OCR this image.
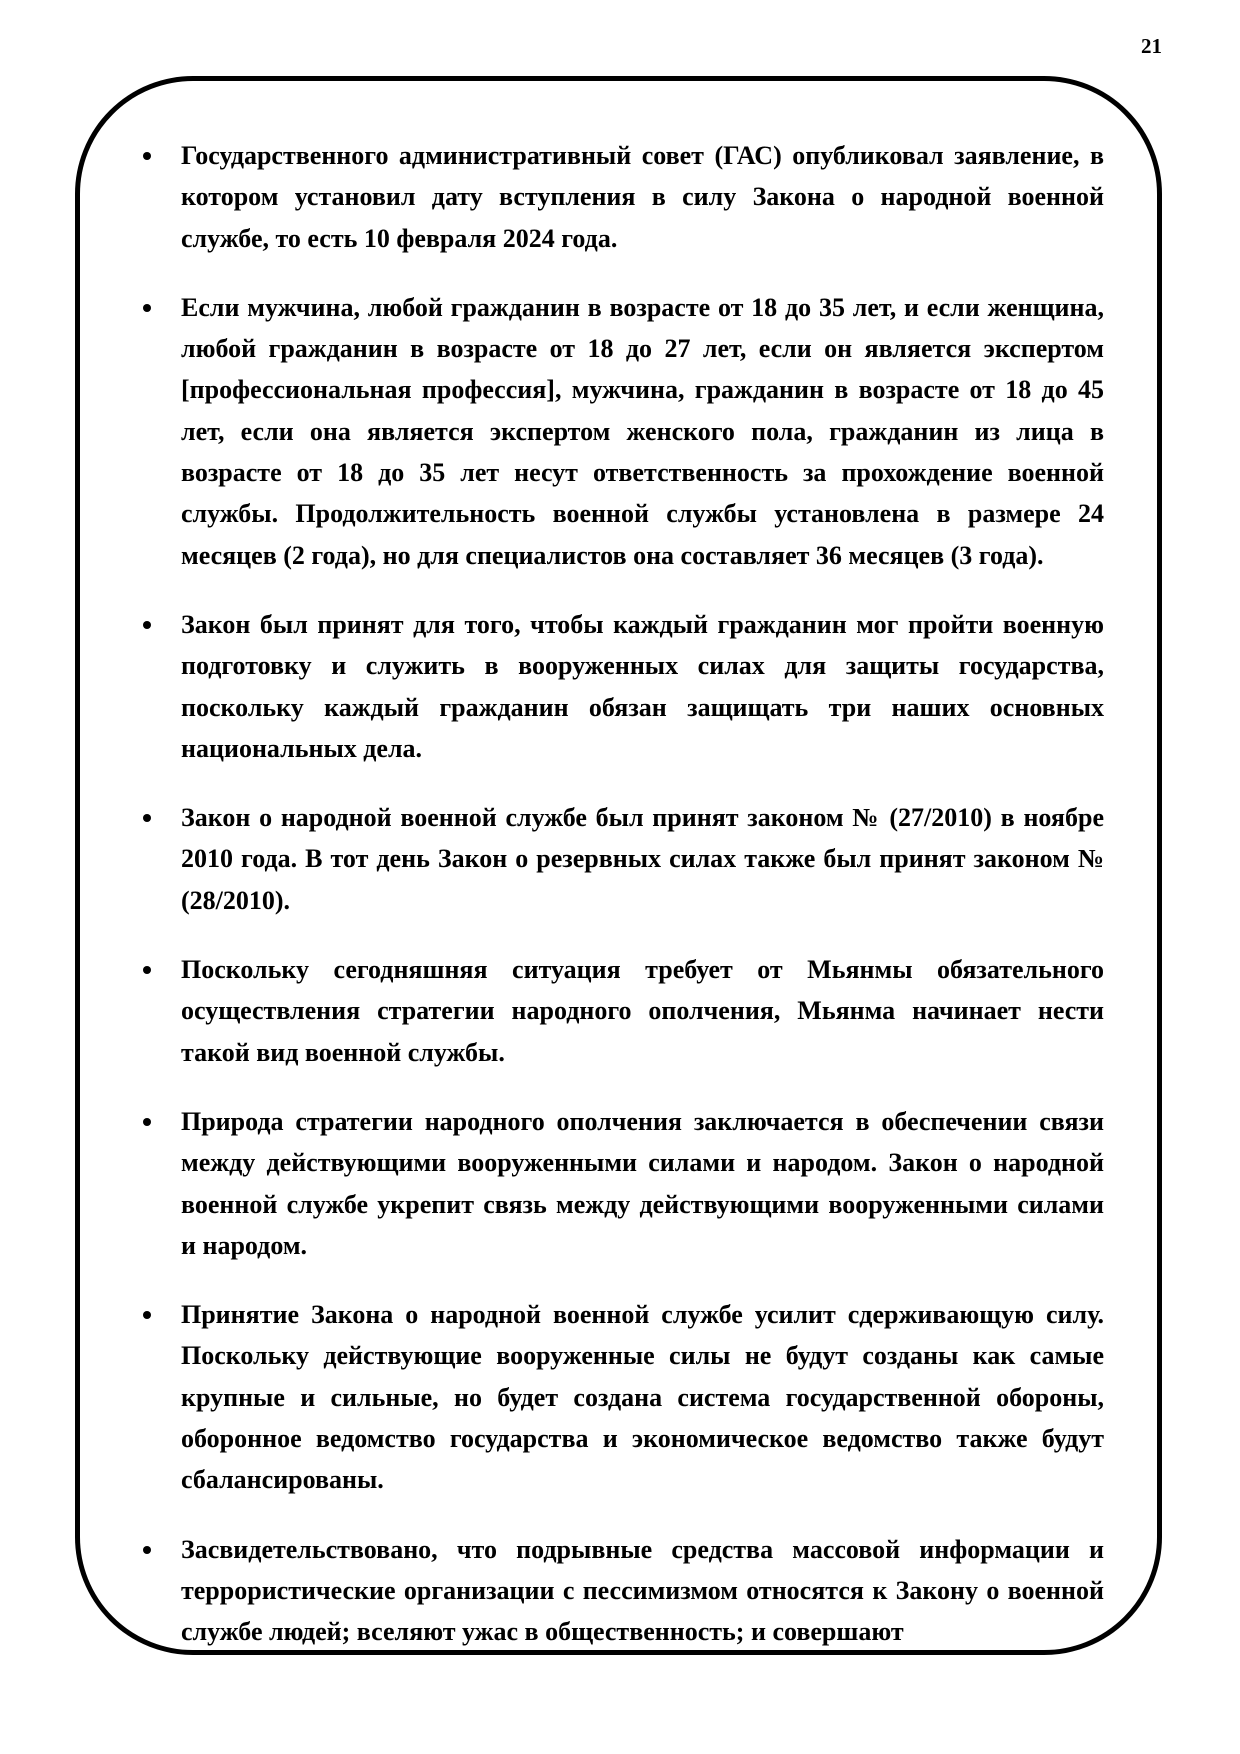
21
Государственного административный совет (ГАС) опубликовал заявление, в котором установил дату вступления в силу Закона о народной военной службе, то есть 10 февраля 2024 года.
Если мужчина, любой гражданин в возрасте от 18 до 35 лет, и если женщина, любой гражданин в возрасте от 18 до 27 лет, если он является экспертом [профессиональная профессия], мужчина, гражданин в возрасте от 18 до 45 лет, если она является экспертом женского пола, гражданин из лица в возрасте от 18 до 35 лет несут ответственность за прохождение военной службы. Продолжительность военной службы установлена в размере 24 месяцев (2 года), но для специалистов она составляет 36 месяцев (3 года).
Закон был принят для того, чтобы каждый гражданин мог пройти военную подготовку и служить в вооруженных силах для защиты государства, поскольку каждый гражданин обязан защищать три наших основных национальных дела.
Закон о народной военной службе был принят законом № (27/2010) в ноябре 2010 года. В тот день Закон о резервных силах также был принят законом № (28/2010).
Поскольку сегодняшняя ситуация требует от Мьянмы обязательного осуществления стратегии народного ополчения, Мьянма начинает нести такой вид военной службы.
Природа стратегии народного ополчения заключается в обеспечении связи между действующими вооруженными силами и народом. Закон о народной военной службе укрепит связь между действующими вооруженными силами и народом.
Принятие Закона о народной военной службе усилит сдерживающую силу. Поскольку действующие вооруженные силы не будут созданы как самые крупные и сильные, но будет создана система государственной обороны, оборонное ведомство государства и экономическое ведомство также будут сбалансированы.
Засвидетельствовано, что подрывные средства массовой информации и террористические организации с пессимизмом относятся к Закону о военной службе людей; вселяют ужас в общественность; и совершают
